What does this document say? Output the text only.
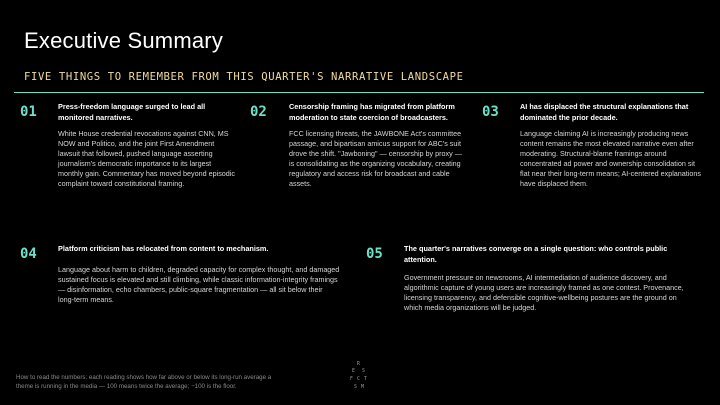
Executive Summary
FIVE THINGS TO REMEMBER FROM THIS QUARTER'S NARRATIVE LANDSCAPE
01	Press-freedom language surged to lead all monitored narratives.
White House credential revocations against CNN, MS NOW and Politico, and the joint First Amendment lawsuit that followed, pushed language asserting journalism's democratic importance to its largest monthly gain. Commentary has moved beyond episodic complaint toward constitutional framing.
02	Censorship framing has migrated from platform moderation to state coercion of broadcasters.
FCC licensing threats, the JAWBONE Act's committee passage, and bipartisan amicus support for ABC's suit drove the shift. "Jawboning" — censorship by proxy — is consolidating as the organizing vocabulary, creating regulatory and access risk for broadcast and cable assets.
03	AI has displaced the structural explanations that dominated the prior decade.
Language claiming AI is increasingly producing news content remains the most elevated narrative even after moderating. Structural-blame framings around concentrated ad power and ownership consolidation sit flat near their long-term means; AI-centered explanations have displaced them.
04	Platform criticism has relocated from content to mechanism.
Language about harm to children, degraded capacity for complex thought, and damaged sustained focus is elevated and still climbing, while classic information-integrity framings — disinformation, echo chambers, public-square fragmentation — all sit below their long-term means.
05	The quarter's narratives converge on a single question: who controls public attention.
Government pressure on newsrooms, AI intermediation of audience discovery, and algorithmic capture of young users are increasingly framed as one contest. Provenance, licensing transparency, and defensible cognitive-wellbeing postures are the ground on which media organizations will be judged.
How to read the numbers: each reading shows how far above or below its long-run average a theme is running in the media — 100 means twice the average; −100 is the floor.
R
E S
F C T
S M
